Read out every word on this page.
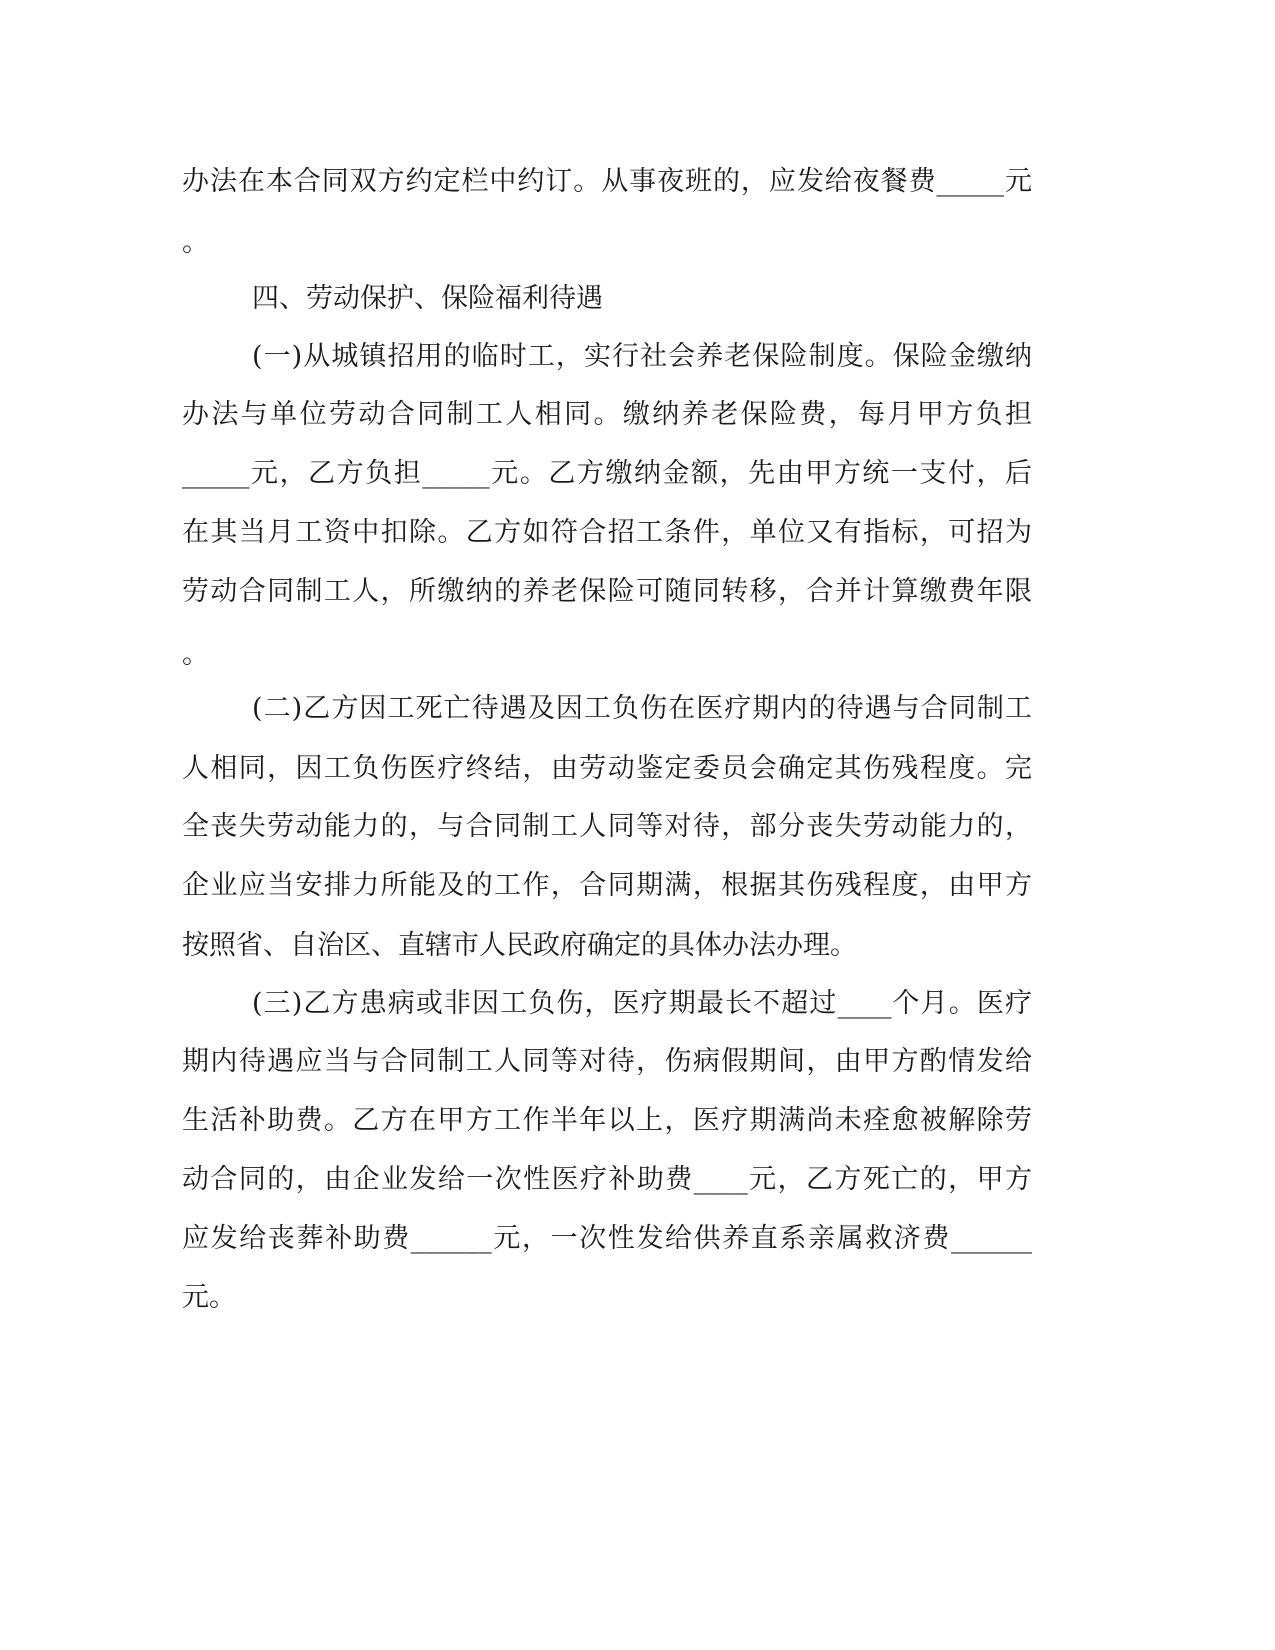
办法在本合同双方约定栏中约订。从事夜班的，应发给夜餐费_____元
。
四、劳动保护、保险福利待遇
(一)从城镇招用的临时工，实行社会养老保险制度。保险金缴纳
办法与单位劳动合同制工人相同。缴纳养老保险费，每月甲方负担
_____元，乙方负担_____元。乙方缴纳金额，先由甲方统一支付，后
在其当月工资中扣除。乙方如符合招工条件，单位又有指标，可招为
劳动合同制工人，所缴纳的养老保险可随同转移，合并计算缴费年限
。
(二)乙方因工死亡待遇及因工负伤在医疗期内的待遇与合同制工
人相同，因工负伤医疗终结，由劳动鉴定委员会确定其伤残程度。完
全丧失劳动能力的，与合同制工人同等对待，部分丧失劳动能力的，
企业应当安排力所能及的工作，合同期满，根据其伤残程度，由甲方
按照省、自治区、直辖市人民政府确定的具体办法办理。
(三)乙方患病或非因工负伤，医疗期最长不超过____个月。医疗
期内待遇应当与合同制工人同等对待，伤病假期间，由甲方酌情发给
生活补助费。乙方在甲方工作半年以上，医疗期满尚未痊愈被解除劳
动合同的，由企业发给一次性医疗补助费____元，乙方死亡的，甲方
应发给丧葬补助费______元，一次性发给供养直系亲属救济费______
元。
